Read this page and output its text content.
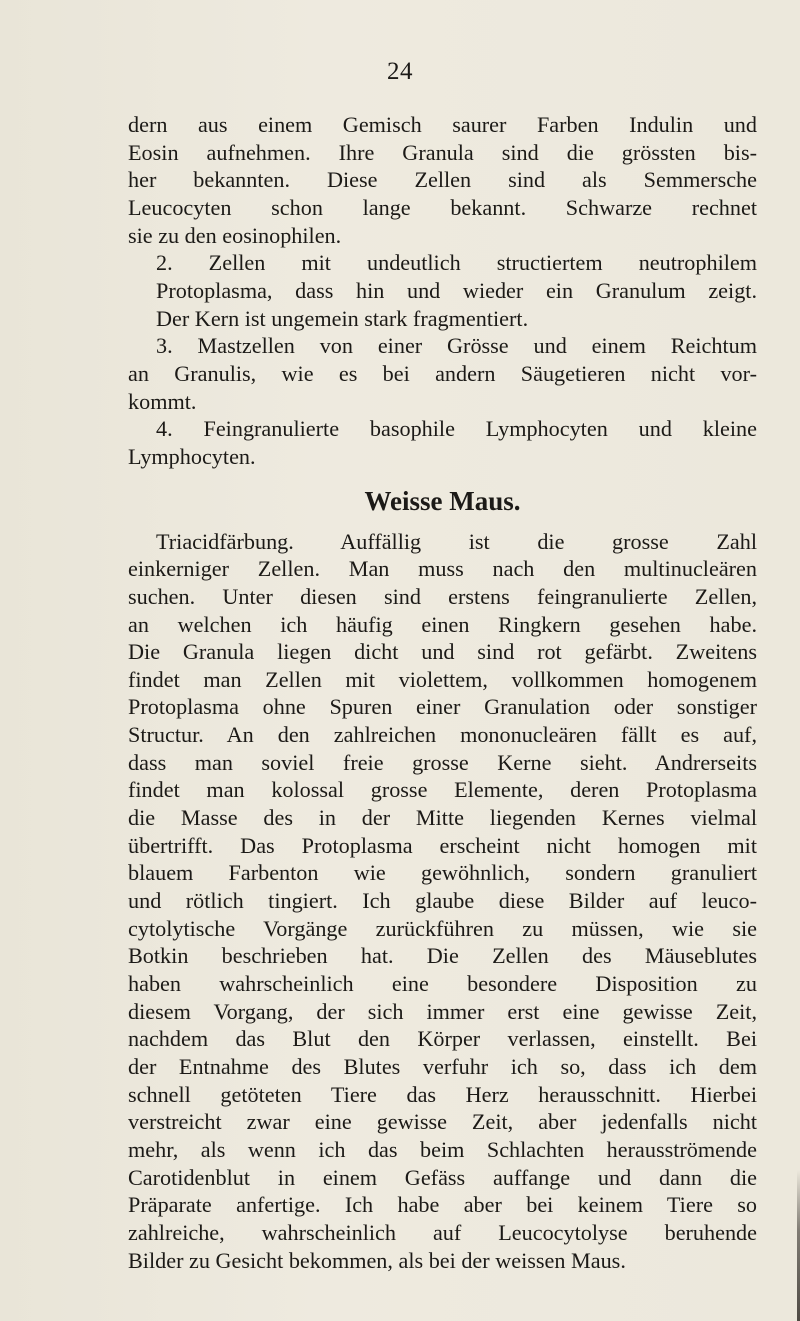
24

dern aus einem Gemisch saurer Farben Indulin und
Eosin aufnehmen. Ihre Granula sind die grössten bis-
her bekannten. Diese Zellen sind als Semmersche
Leucocyten schon lange bekannt. Schwarze rechnet
sie zu den eosinophilen.

2. Zellen mit undeutlich structiertem neutrophilem
Protoplasma, dass hin und wieder ein Granulum zeigt.
Der Kern ist ungemein stark fragmentiert.

3. Mastzellen von einer Grösse und einem Reichtum
an Granulis, wie es bei andern Säugetieren nicht vor-
kommt.

4. Feingranulierte basophile Lymphocyten und kleine
Lymphocyten.

Weisse Maus.

Triacidfärbung. Auffällig ist die grosse Zahl
einkerniger Zellen. Man muss nach den multinucleären
suchen. Unter diesen sind erstens feingranulierte Zellen,
an welchen ich häufig einen Ringkern gesehen habe.
Die Granula liegen dicht und sind rot gefärbt. Zweitens
findet man Zellen mit violettem, vollkommen homogenem
Protoplasma ohne Spuren einer Granulation oder sonstiger
Structur. An den zahlreichen mononucleären fällt es auf,
dass man soviel freie grosse Kerne sieht. Andrerseits
findet man kolossal grosse Elemente, deren Protoplasma
die Masse des in der Mitte liegenden Kernes vielmal
übertrifft. Das Protoplasma erscheint nicht homogen mit
blauem Farbenton wie gewöhnlich, sondern granuliert
und rötlich tingiert. Ich glaube diese Bilder auf leuco-
cytolytische Vorgänge zurückführen zu müssen, wie sie
Botkin beschrieben hat. Die Zellen des Mäuseblutes
haben wahrscheinlich eine besondere Disposition zu
diesem Vorgang, der sich immer erst eine gewisse Zeit,
nachdem das Blut den Körper verlassen, einstellt. Bei
der Entnahme des Blutes verfuhr ich so, dass ich dem
schnell getöteten Tiere das Herz herausschnitt. Hierbei
verstreicht zwar eine gewisse Zeit, aber jedenfalls nicht
mehr, als wenn ich das beim Schlachten herausströmende
Carotidenblut in einem Gefäss auffange und dann die
Präparate anfertige. Ich habe aber bei keinem Tiere so
zahlreiche, wahrscheinlich auf Leucocytolyse beruhende
Bilder zu Gesicht bekommen, als bei der weissen Maus.
